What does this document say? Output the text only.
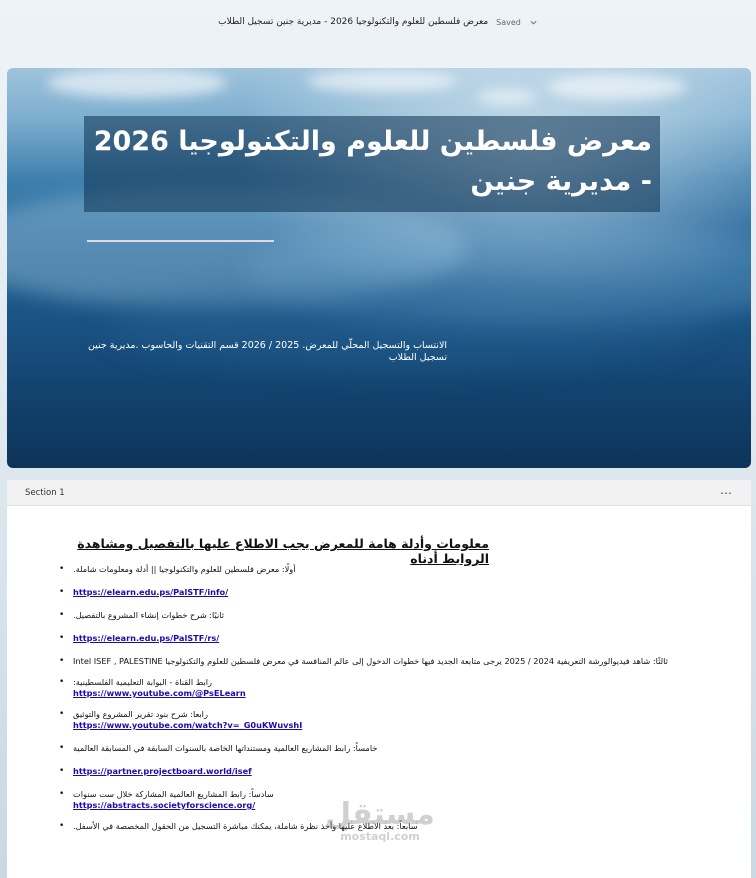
معرض فلسطين للعلوم والتكنولوجيا 2026 - مديرية جنين تسجيل الطلاب Saved
معرض فلسطين للعلوم والتكنولوجيا 2026 - مديرية جنين
الانتساب والتسجيل المحلّي للمعرض. 2025 / 2026 قسم التقنيات والحاسوب .مديرية جنين
تسجيل الطلاب
Section 1	⋯
معلومات وأدلة هامة للمعرض يجب الاطلاع عليها بالتفصيل ومشاهدة الروابط أدناه
• أولًا: معرض فلسطين للعلوم والتكنولوجيا || أدلة ومعلومات شاملة.
• https://elearn.edu.ps/PalSTF/info/
• ثانيًا: شرح خطوات إنشاء المشروع بالتفصيل.
• https://elearn.edu.ps/PalSTF/rs/
• ثالثًا: شاهد فيديوالورشة التعريفية 2024 / 2025 يرجى متابعة الجديد فيها خطوات الدخول إلى عالم المنافسة في معرض فلسطين للعلوم والتكنولوجيا Intel ISEF , PALESTINE
• رابط القناة - البوابة التعليمية الفلسطينية:
https://www.youtube.com/@PsELearn
• رابعا: شرح بنود تقرير المشروع والتوثيق
https://www.youtube.com/watch?v=_G0uKWuvshI
• خامساً: رابط المشاريع العالمية ومستنداتها الخاصة بالسنوات السابقة في المسابقة العالمية
• https://partner.projectboard.world/isef
• سادساً: رابط المشاريع العالمية المشاركة خلال ست سنوات
https://abstracts.societyforscience.org/
• سابعاً: بعد الاطلاع عليها وأخذ نظرة شاملة، يمكنك مباشرة التسجيل من الحقول المخصصة في الأسفل.
مستقل
mostaql.com
